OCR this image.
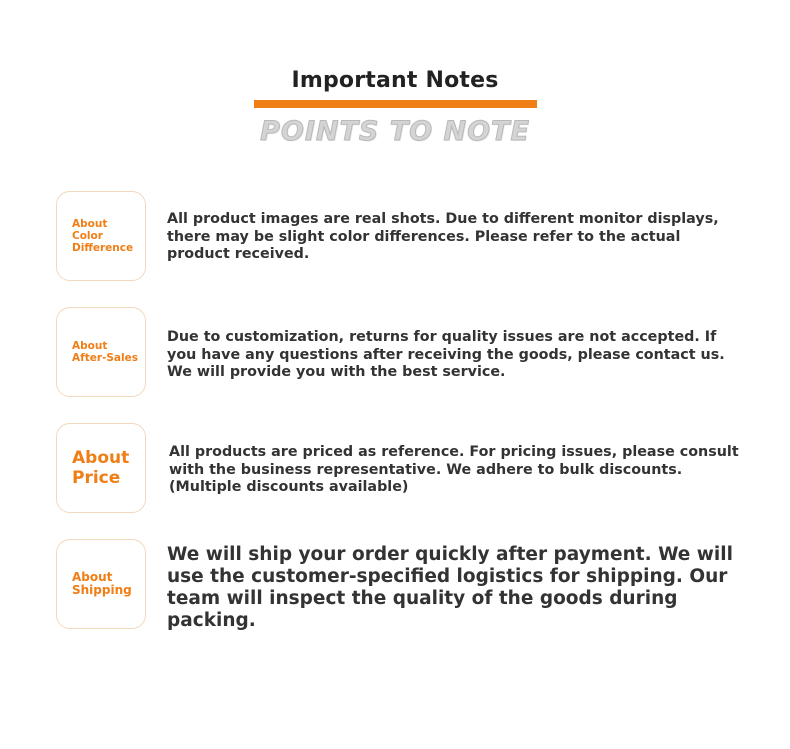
Important Notes
POINTS TO NOTE
About
Color
Difference
All product images are real shots. Due to different monitor displays, there may be slight color differences. Please refer to the actual product received.
About
After-Sales
Due to customization, returns for quality issues are not accepted. If you have any questions after receiving the goods, please contact us. We will provide you with the best service.
About
Price
All products are priced as reference. For pricing issues, please consult with the business representative. We adhere to bulk discounts. (Multiple discounts available)
About
Shipping
We will ship your order quickly after payment. We will use the customer-specified logistics for shipping. Our team will inspect the quality of the goods during packing.
